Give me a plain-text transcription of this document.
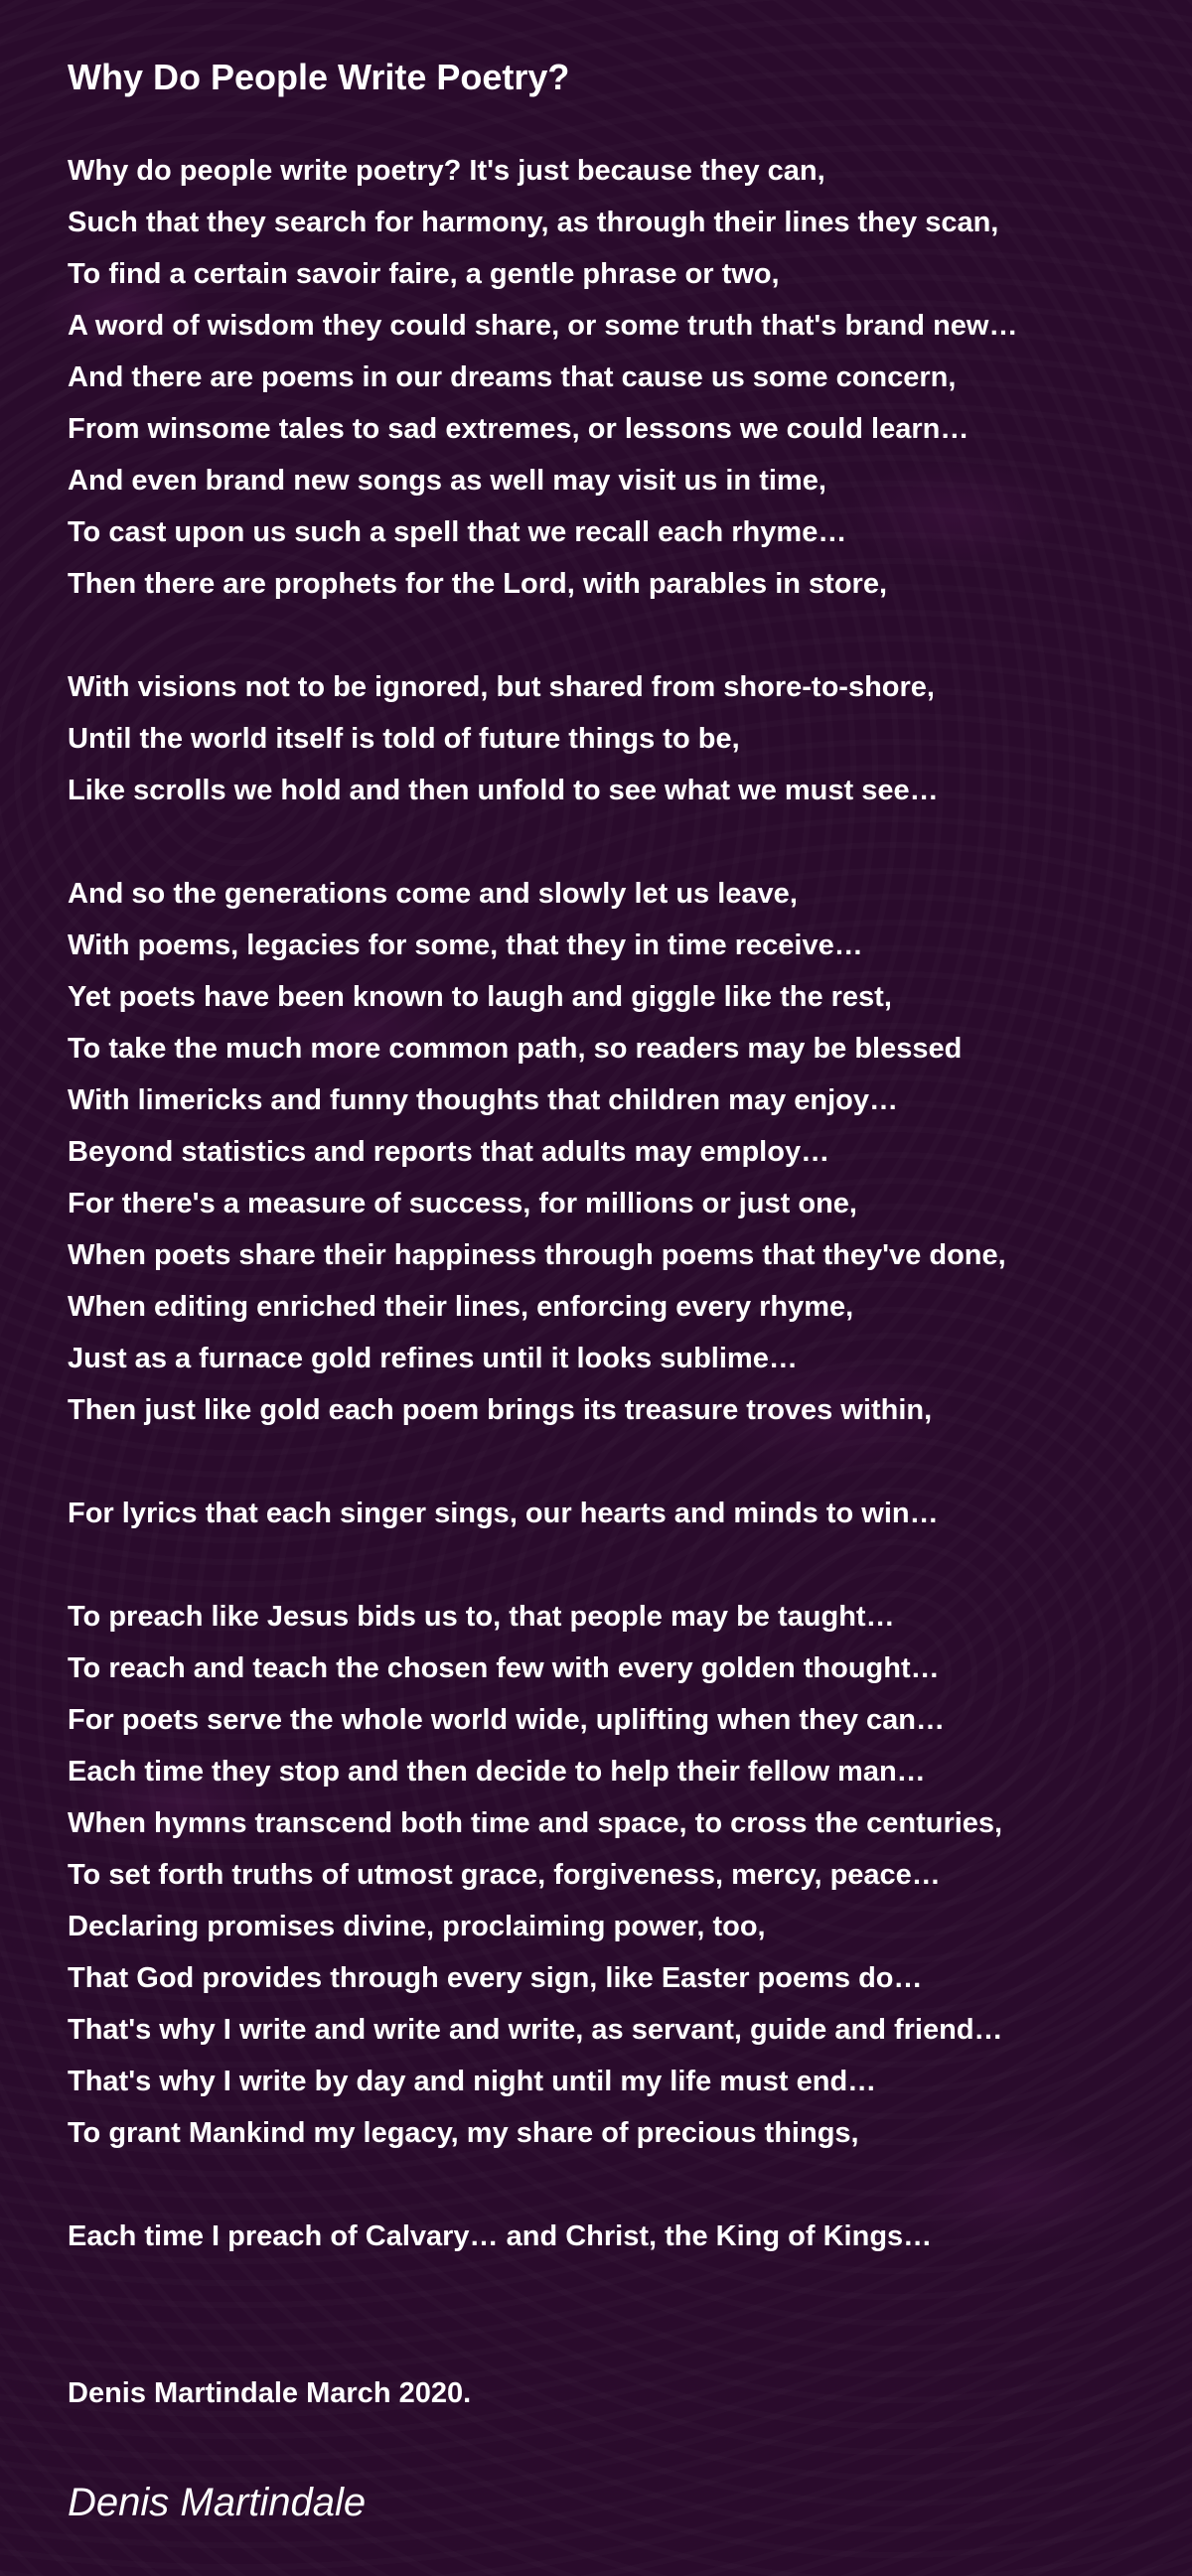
Why Do People Write Poetry?
Why do people write poetry? It's just because they can,
Such that they search for harmony, as through their lines they scan,
To find a certain savoir faire, a gentle phrase or two,
A word of wisdom they could share, or some truth that's brand new…
And there are poems in our dreams that cause us some concern,
From winsome tales to sad extremes, or lessons we could learn…
And even brand new songs as well may visit us in time,
To cast upon us such a spell that we recall each rhyme…
Then there are prophets for the Lord, with parables in store,
With visions not to be ignored, but shared from shore-to-shore,
Until the world itself is told of future things to be,
Like scrolls we hold and then unfold to see what we must see…
And so the generations come and slowly let us leave,
With poems, legacies for some, that they in time receive…
Yet poets have been known to laugh and giggle like the rest,
To take the much more common path, so readers may be blessed
With limericks and funny thoughts that children may enjoy…
Beyond statistics and reports that adults may employ…
For there's a measure of success, for millions or just one,
When poets share their happiness through poems that they've done,
When editing enriched their lines, enforcing every rhyme,
Just as a furnace gold refines until it looks sublime…
Then just like gold each poem brings its treasure troves within,
For lyrics that each singer sings, our hearts and minds to win…
To preach like Jesus bids us to, that people may be taught…
To reach and teach the chosen few with every golden thought…
For poets serve the whole world wide, uplifting when they can…
Each time they stop and then decide to help their fellow man…
When hymns transcend both time and space, to cross the centuries,
To set forth truths of utmost grace, forgiveness, mercy, peace…
Declaring promises divine, proclaiming power, too,
That God provides through every sign, like Easter poems do…
That's why I write and write and write, as servant, guide and friend…
That's why I write by day and night until my life must end…
To grant Mankind my legacy, my share of precious things,
Each time I preach of Calvary… and Christ, the King of Kings…
Denis Martindale March 2020.
Denis Martindale
